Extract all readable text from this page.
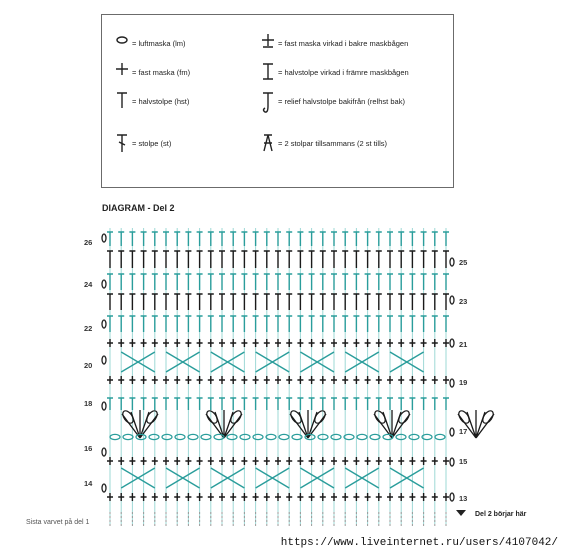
= luftmaska (lm)
= fast maska (fm)
= halvstolpe (hst)
= stolpe (st)
= fast maska virkad i bakre maskbågen
= halvstolpe virkad i främre maskbågen
= relief halvstolpe bakifrån (relhst bak)
= 2 stolpar tillsammans (2 st tills)
DIAGRAM - Del 2
26
24
22
20
18
16
14
25
23
21
19
17
15
13
Sista varvet på del 1
Del 2 börjar här
https://www.liveinternet.ru/users/4107042/
